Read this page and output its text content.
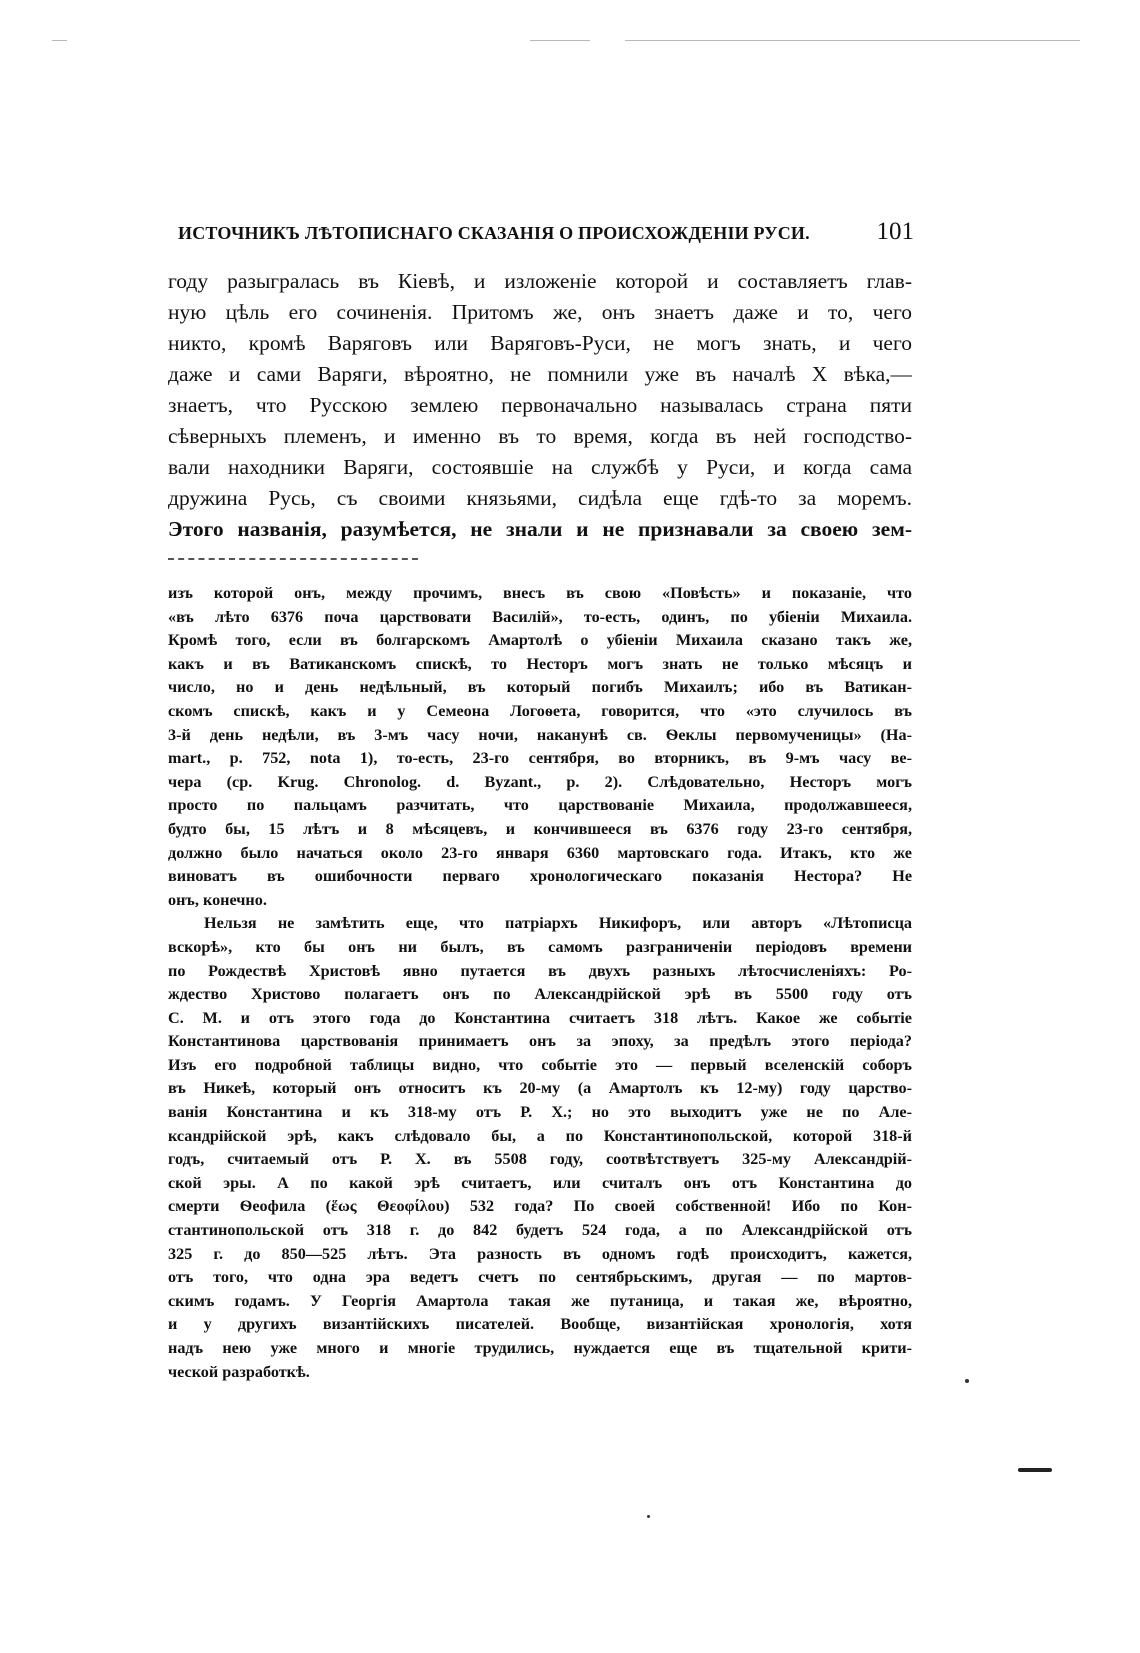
ИСТОЧНИКЪ ЛѢТОПИСНАГО СКАЗАНІЯ О ПРОИСХОЖДЕНІИ РУСИ.	101
году разыгралась въ Кіевѣ, и изложеніе которой и составляетъ глав-
ную цѣль его сочиненія. Притомъ же, онъ знаетъ даже и то, чего
никто, кромѣ Варяговъ или Варяговъ-Руси, не могъ знать, и чего
даже и сами Варяги, вѣроятно, не помнили уже въ началѣ X вѣка,—
знаетъ, что Русскою землею первоначально называлась страна пяти
сѣверныхъ племенъ, и именно въ то время, когда въ ней господство-
вали находники Варяги, состоявшіе на службѣ у Руси, и когда сама
дружина Русь, съ своими князьями, сидѣла еще гдѣ-то за моремъ.
Этого названія, разумѣется, не знали и не признавали за своею зем-
изъ которой онъ, между прочимъ, внесъ въ свою «Повѣсть» и показаніе, что
«въ лѣто 6376 поча царствовати Василій», то-есть, одинъ, по убіеніи Михаила.
Кромѣ того, если въ болгарскомъ Амартолѣ о убіеніи Михаила сказано такъ же,
какъ и въ Ватиканскомъ спискѣ, то Несторъ могъ знать не только мѣсяцъ и
число, но и день недѣльный, въ который погибъ Михаилъ; ибо въ Ватикан-
скомъ спискѣ, какъ и у Семеона Логоѳета, говорится, что «это случилось въ
3-й день недѣли, въ 3-мъ часу ночи, наканунѣ св. Ѳеклы первомученицы» (Ha-
mart., p. 752, nota 1), то-есть, 23-го сентября, во вторникъ, въ 9-мъ часу ве-
чера (ср. Krug. Chronolog. d. Byzant., p. 2). Слѣдовательно, Несторъ могъ
просто по пальцамъ разчитать, что царствованіе Михаила, продолжавшееся,
будто бы, 15 лѣтъ и 8 мѣсяцевъ, и кончившееся въ 6376 году 23-го сентября,
должно было начаться около 23-го января 6360 мартовскаго года. Итакъ, кто же
виноватъ въ ошибочности перваго хронологическаго показанія Нестора? Не
онъ, конечно.
Нельзя не замѣтить еще, что патріархъ Никифоръ, или авторъ «Лѣтописца
вскорѣ», кто бы онъ ни былъ, въ самомъ разграниченіи періодовъ времени
по Рождествѣ Христовѣ явно путается въ двухъ разныхъ лѣтосчисленіяхъ: Ро-
ждество Христово полагаетъ онъ по Александрійской эрѣ въ 5500 году отъ
С. М. и отъ этого года до Константина считаетъ 318 лѣтъ. Какое же событіе
Константинова царствованія принимаетъ онъ за эпоху, за предѣлъ этого періода?
Изъ его подробной таблицы видно, что событіе это — первый вселенскій соборъ
въ Никеѣ, который онъ относитъ къ 20-му (а Амартолъ къ 12-му) году царство-
ванія Константина и къ 318-му отъ Р. Х.; но это выходитъ уже не по Але-
ксандрійской эрѣ, какъ слѣдовало бы, а по Константинопольской, которой 318-й
годъ, считаемый отъ Р. Х. въ 5508 году, соотвѣтствуетъ 325-му Александрій-
ской эры. А по какой эрѣ считаетъ, или считалъ онъ отъ Константина до
смерти Ѳеофила (ἕως Θεοφίλου) 532 года? По своей собственной! Ибо по Кон-
стантинопольской отъ 318 г. до 842 будетъ 524 года, а по Александрійской отъ
325 г. до 850—525 лѣтъ. Эта разность въ одномъ годѣ происходитъ, кажется,
отъ того, что одна эра ведетъ счетъ по сентябрьскимъ, другая — по мартов-
скимъ годамъ. У Георгія Амартола такая же путаница, и такая же, вѣроятно,
и у другихъ византійскихъ писателей. Вообще, византійская хронологія, хотя
надъ нею уже много и многіе трудились, нуждается еще въ тщательной крити-
ческой разработкѣ.
